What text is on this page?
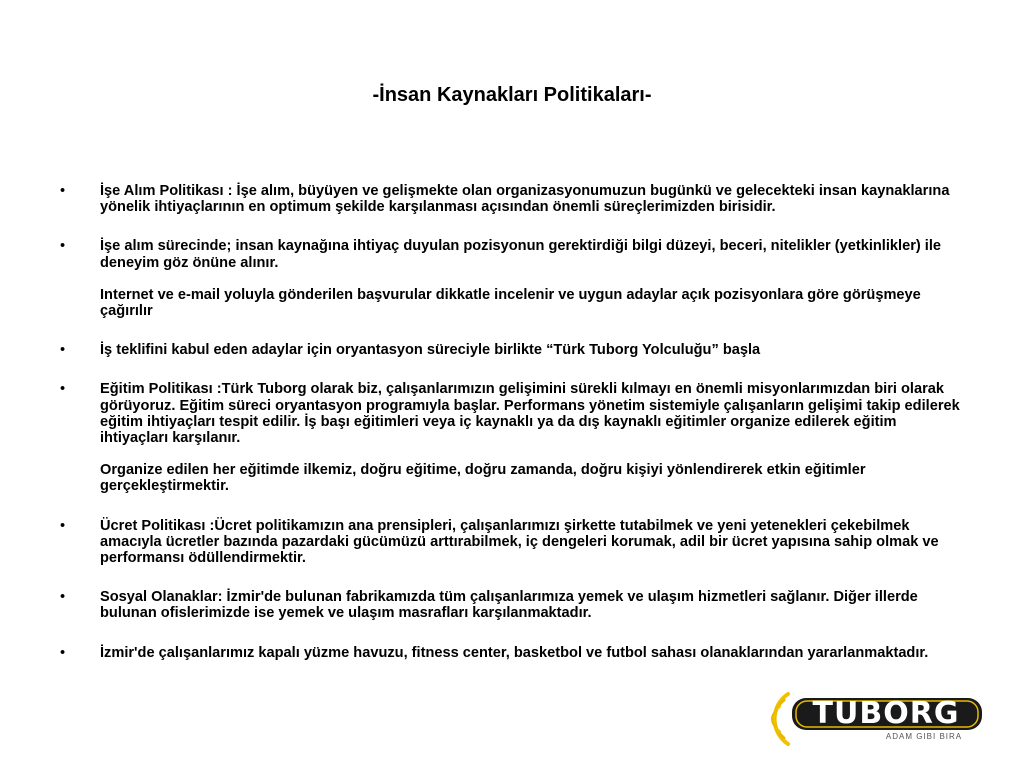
-İnsan Kaynakları Politikaları-
• İşe Alım Politikası : İşe alım, büyüyen ve gelişmekte olan organizasyonumuzun bugünkü ve gelecekteki insan kaynaklarına yönelik ihtiyaçlarının en optimum şekilde karşılanması açısından önemli süreçlerimizden birisidir.
• İşe alım sürecinde; insan kaynağına ihtiyaç duyulan pozisyonun gerektirdiği bilgi düzeyi, beceri, nitelikler (yetkinlikler) ile deneyim göz önüne alınır.
Internet ve e-mail yoluyla gönderilen başvurular dikkatle incelenir ve uygun adaylar açık pozisyonlara göre görüşmeye çağırılır
• İş teklifini kabul eden adaylar için oryantasyon süreciyle birlikte “Türk Tuborg Yolculuğu” başla
• Eğitim Politikası :Türk Tuborg olarak biz, çalışanlarımızın gelişimini sürekli kılmayı en önemli misyonlarımızdan biri olarak görüyoruz. Eğitim süreci oryantasyon programıyla başlar. Performans yönetim sistemiyle çalışanların gelişimi takip edilerek eğitim ihtiyaçları tespit edilir. İş başı eğitimleri veya iç kaynaklı ya da dış kaynaklı eğitimler organize edilerek eğitim ihtiyaçları karşılanır.
Organize edilen her eğitimde ilkemiz, doğru eğitime, doğru zamanda, doğru kişiyi yönlendirerek etkin eğitimler gerçekleştirmektir.
• Ücret Politikası :Ücret politikamızın ana prensipleri, çalışanlarımızı şirkette tutabilmek ve yeni yetenekleri çekebilmek amacıyla ücretler bazında pazardaki gücümüzü arttırabilmek, iç dengeleri korumak, adil bir ücret yapısına sahip olmak ve performansı ödüllendirmektir.
• Sosyal Olanaklar: İzmir'de bulunan fabrikamızda tüm çalışanlarımıza yemek ve ulaşım hizmetleri sağlanır. Diğer illerde bulunan ofislerimizde ise yemek ve ulaşım masrafları karşılanmaktadır.
• İzmir'de çalışanlarımız kapalı yüzme havuzu, fitness center, basketbol ve futbol sahası olanaklarından yararlanmaktadır.
TUBORG
ADAM GIBI BIRA
